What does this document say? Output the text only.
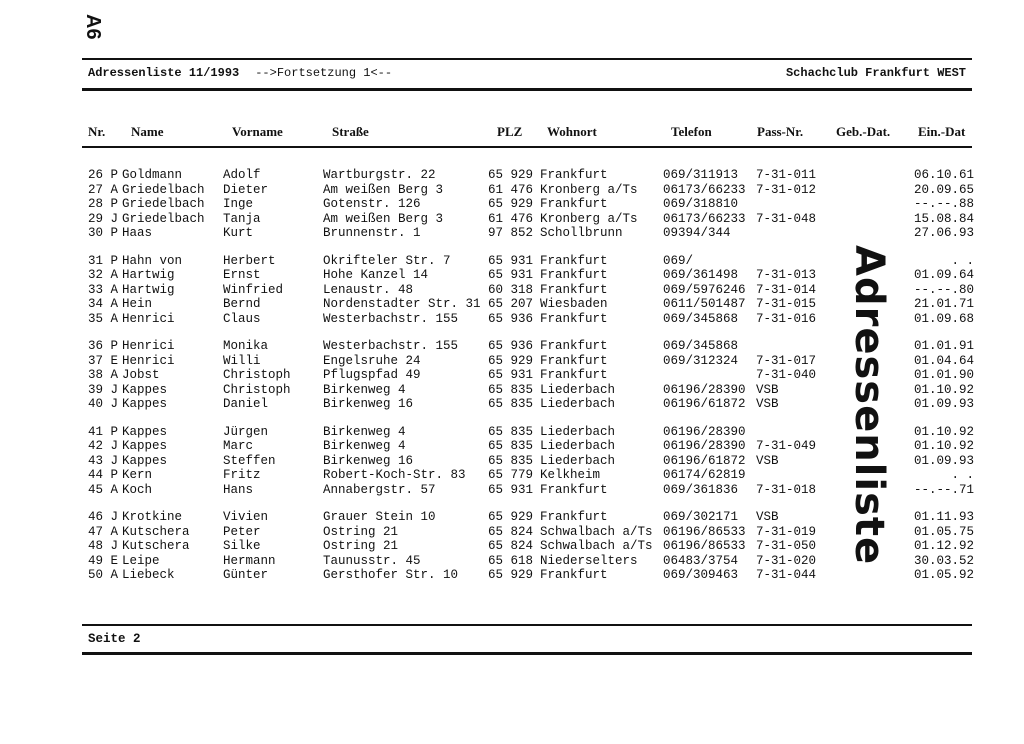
A6
Adressenliste 11/1993 -->Fortsetzung 1<--	Schachclub Frankfurt WEST
Nr. Name	Vorname	Straße	PLZ Wohnort	Telefon	Pass-Nr.	Geb.-Dat. Ein.-Dat
26 P Goldmann	Adolf	Wartburgstr. 22	65 929 Frankfurt	069/311913 7-31-011	06.10.61
27 A Griedelbach Dieter	Am weißen Berg 3	61 476 Kronberg a/Ts 06173/66233 7-31-012	20.09.65
28 P Griedelbach Inge	Gotenstr. 126	65 929 Frankfurt	069/318810	--.--.88
29 J Griedelbach Tanja	Am weißen Berg 3	61 476 Kronberg a/Ts 06173/66233 7-31-048	15.08.84
30 P Haas	Kurt	Brunnenstr. 1	97 852 Schollbrunn	09394/344	27.06.93
31 P Hahn von	Herbert	Okrifteler Str. 7	65 931 Frankfurt	069/	. .
32 A Hartwig	Ernst	Hohe Kanzel 14	65 931 Frankfurt	069/361498 7-31-013	01.09.64
33 A Hartwig	Winfried	Lenaustr. 48	60 318 Frankfurt	069/5976246 7-31-014	--.--.80
34 A Hein	Bernd	Nordenstadter Str. 31 65 207 Wiesbaden	0611/501487 7-31-015	21.01.71
35 A Henrici	Claus	Westerbachstr. 155 65 936 Frankfurt	069/345868 7-31-016	01.09.68
36 P Henrici	Monika	Westerbachstr. 155 65 936 Frankfurt	069/345868	01.01.91
37 E Henrici	Willi	Engelsruhe 24	65 929 Frankfurt	069/312324 7-31-017	01.04.64
38 A Jobst	Christoph	Pflugspfad 49	65 931 Frankfurt	7-31-040	01.01.90
39 J Kappes	Christoph	Birkenweg 4	65 835 Liederbach	06196/28390 VSB	01.10.92
40 J Kappes	Daniel	Birkenweg 16	65 835 Liederbach	06196/61872 VSB	01.09.93
41 P Kappes	Jürgen	Birkenweg 4	65 835 Liederbach	06196/28390	01.10.92
42 J Kappes	Marc	Birkenweg 4	65 835 Liederbach	06196/28390 7-31-049	01.10.92
43 J Kappes	Steffen	Birkenweg 16	65 835 Liederbach	06196/61872 VSB	01.09.93
44 P Kern	Fritz	Robert-Koch-Str. 83 65 779 Kelkheim	06174/62819	. .
45 A Koch	Hans	Annabergstr. 57	65 931 Frankfurt	069/361836 7-31-018	--.--.71
46 J Krotkine	Vivien	Grauer Stein 10	65 929 Frankfurt	069/302171 VSB	01.11.93
47 A Kutschera	Peter	Ostring 21	65 824 Schwalbach a/Ts 06196/86533 7-31-019	01.05.75
48 J Kutschera	Silke	Ostring 21	65 824 Schwalbach a/Ts 06196/86533 7-31-050	01.12.92
49 E Leipe	Hermann	Taunusstr. 45	65 618 Niederselters 06483/3754 7-31-020	30.03.52
50 A Liebeck	Günter	Gersthofer Str. 10 65 929 Frankfurt	069/309463 7-31-044	01.05.92
Adressenliste
Seite 2
